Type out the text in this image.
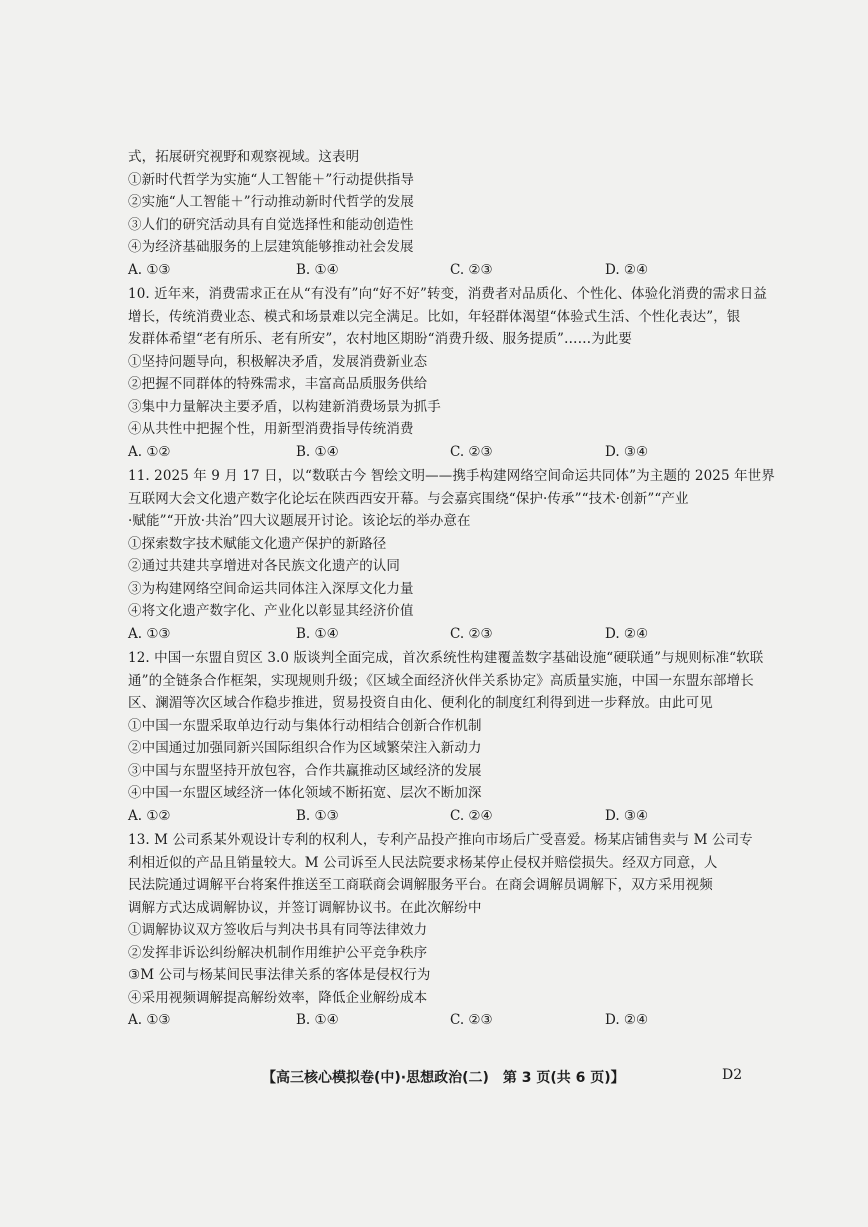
式，拓展研究视野和观察视域。这表明
①新时代哲学为实施“人工智能＋”行动提供指导
②实施“人工智能＋”行动推动新时代哲学的发展
③人们的研究活动具有自觉选择性和能动创造性
④为经济基础服务的上层建筑能够推动社会发展
A. ①③	B. ①④	C. ②③	D. ②④
10. 近年来，消费需求正在从“有没有”向“好不好”转变，消费者对品质化、个性化、体验化消费的需求日益
增长，传统消费业态、模式和场景难以完全满足。比如，年轻群体渴望“体验式生活、个性化表达”，银
发群体希望“老有所乐、老有所安”，农村地区期盼“消费升级、服务提质”……为此要
①坚持问题导向，积极解决矛盾，发展消费新业态
②把握不同群体的特殊需求，丰富高品质服务供给
③集中力量解决主要矛盾，以构建新消费场景为抓手
④从共性中把握个性，用新型消费指导传统消费
A. ①②	B. ①④	C. ②③	D. ③④
11. 2025 年 9 月 17 日，以“数联古今 智绘文明——携手构建网络空间命运共同体”为主题的 2025 年世界
互联网大会文化遗产数字化论坛在陕西西安开幕。与会嘉宾围绕“保护·传承”“技术·创新”“产业
·赋能”“开放·共治”四大议题展开讨论。该论坛的举办意在
①探索数字技术赋能文化遗产保护的新路径
②通过共建共享增进对各民族文化遗产的认同
③为构建网络空间命运共同体注入深厚文化力量
④将文化遗产数字化、产业化以彰显其经济价值
A. ①③	B. ①④	C. ②③	D. ②④
12. 中国一东盟自贸区 3.0 版谈判全面完成，首次系统性构建覆盖数字基础设施“硬联通”与规则标准“软联
通”的全链条合作框架，实现规则升级；《区域全面经济伙伴关系协定》高质量实施，中国一东盟东部增长
区、澜湄等次区域合作稳步推进，贸易投资自由化、便利化的制度红利得到进一步释放。由此可见
①中国一东盟采取单边行动与集体行动相结合创新合作机制
②中国通过加强同新兴国际组织合作为区域繁荣注入新动力
③中国与东盟坚持开放包容，合作共赢推动区域经济的发展
④中国一东盟区域经济一体化领域不断拓宽、层次不断加深
A. ①②	B. ①③	C. ②④	D. ③④
13. M 公司系某外观设计专利的权利人，专利产品投产推向市场后广受喜爱。杨某店铺售卖与 M 公司专
利相近似的产品且销量较大。M 公司诉至人民法院要求杨某停止侵权并赔偿损失。经双方同意，人
民法院通过调解平台将案件推送至工商联商会调解服务平台。在商会调解员调解下，双方采用视频
调解方式达成调解协议，并签订调解协议书。在此次解纷中
①调解协议双方签收后与判决书具有同等法律效力
②发挥非诉讼纠纷解决机制作用维护公平竞争秩序
③M 公司与杨某间民事法律关系的客体是侵权行为
④采用视频调解提高解纷效率，降低企业解纷成本
A. ①③	B. ①④	C. ②③	D. ②④
【高三核心模拟卷(中)·思想政治(二)　第 3 页(共 6 页)】	D2
